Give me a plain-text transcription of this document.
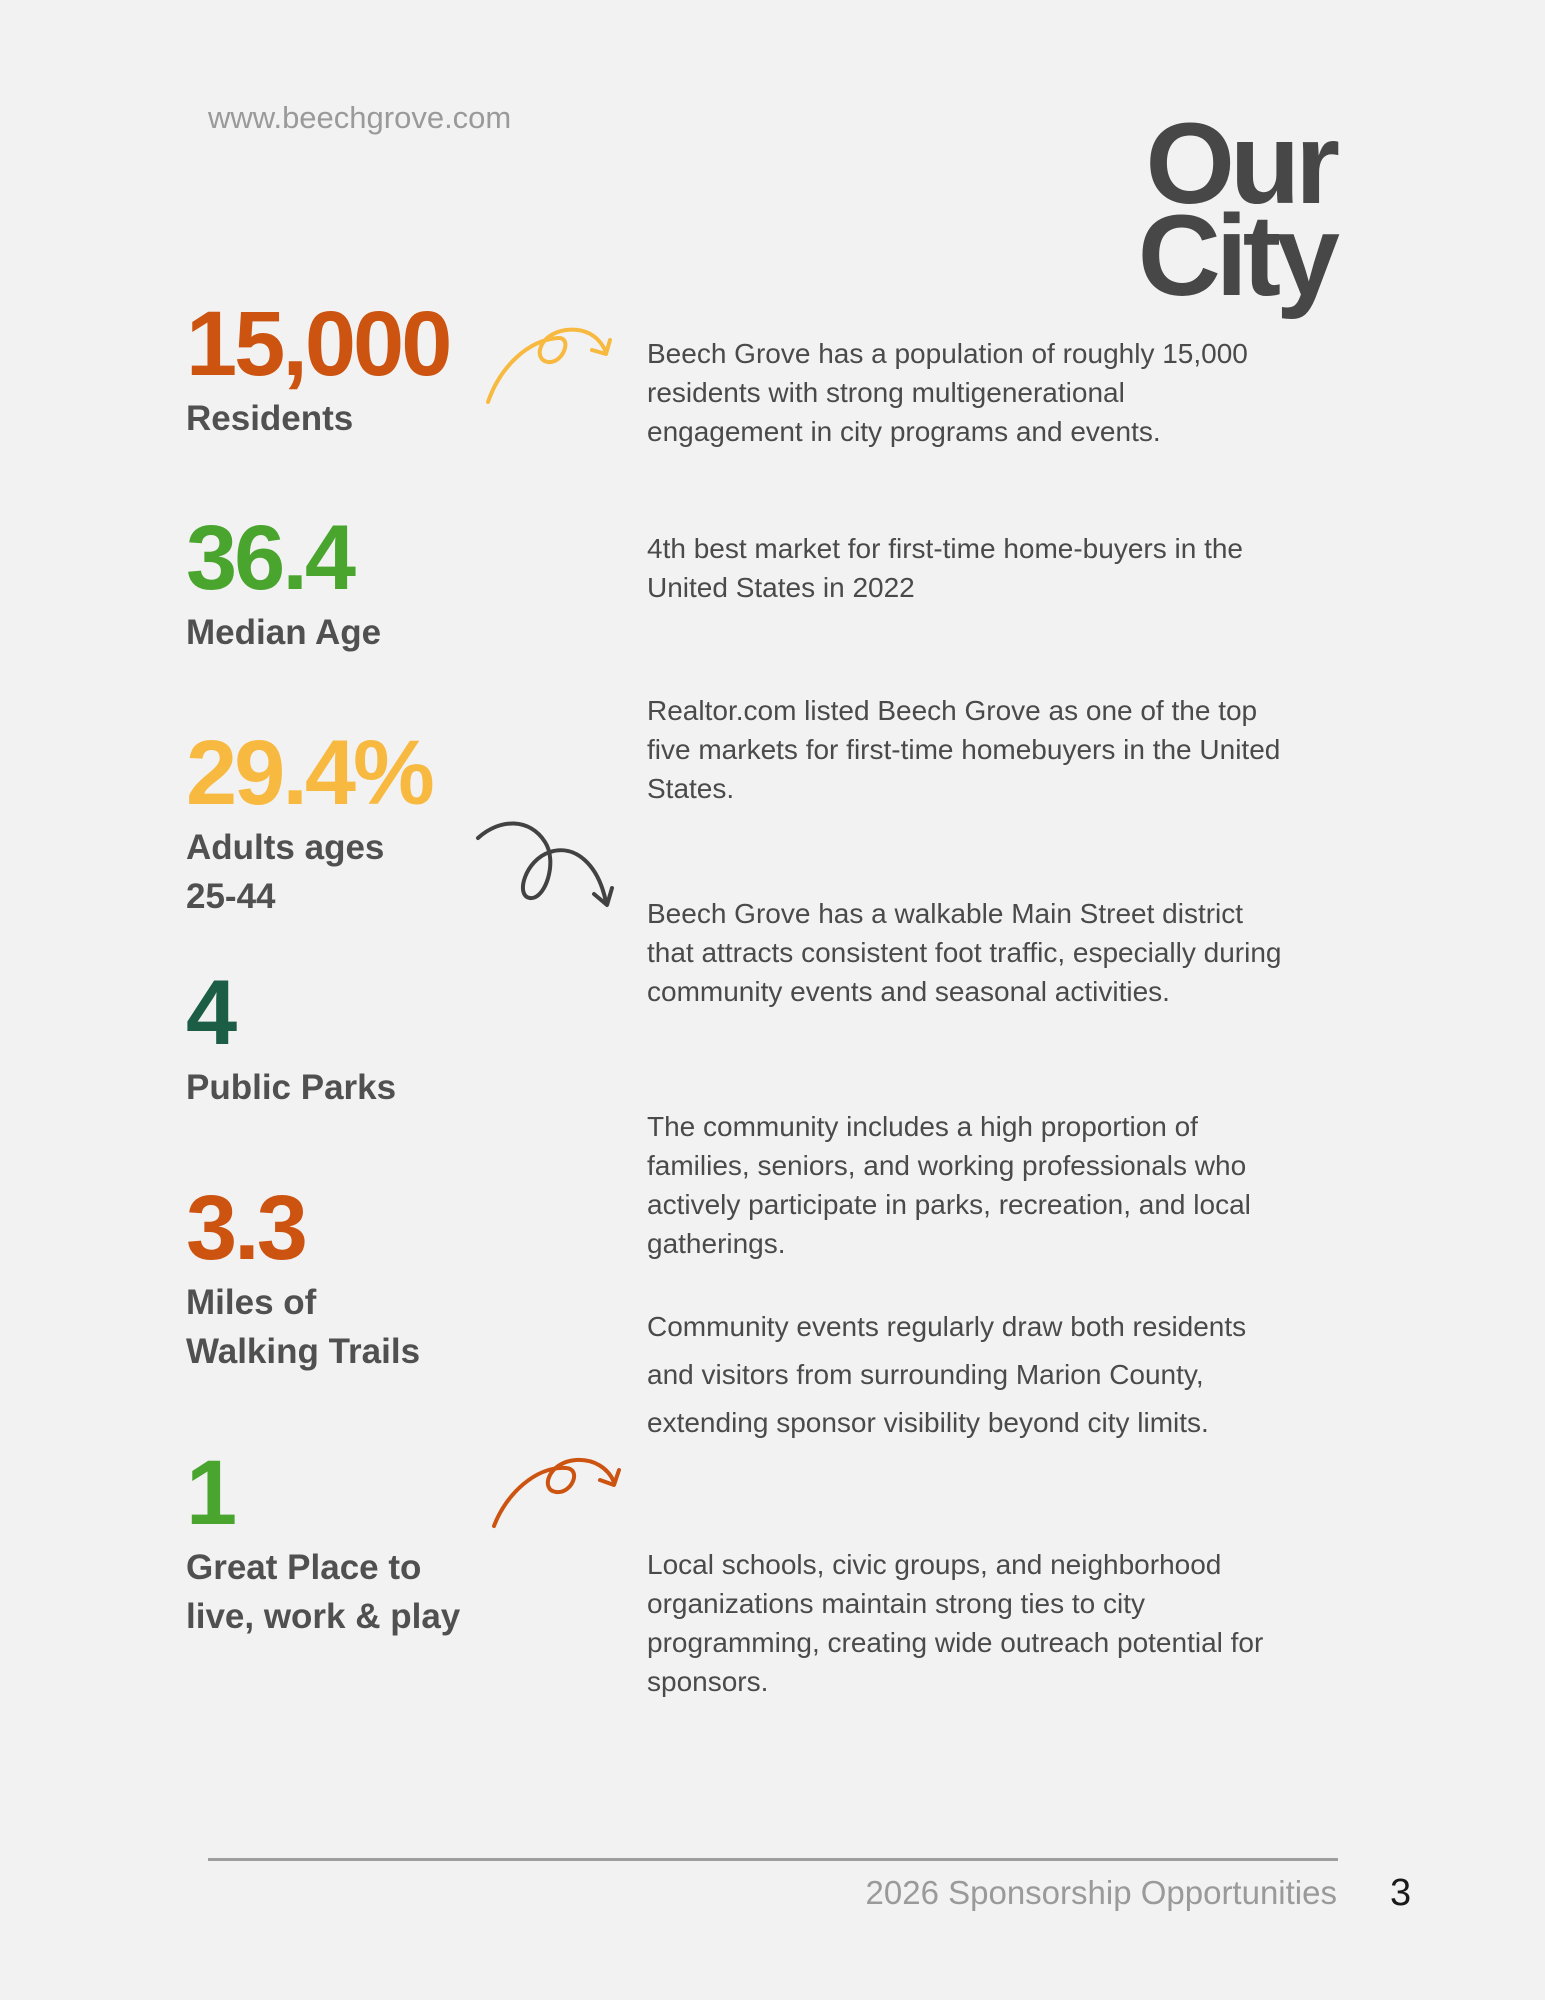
www.beechgrove.com	Our
City
15,000
Residents
36.4
Median Age
29.4%
Adults ages
25-44
4
Public Parks
3.3
Miles of
Walking Trails
1
Great Place to
live, work & play
Beech Grove has a population of roughly 15,000 residents with strong multigenerational engagement in city programs and events.
4th best market for first-time home-buyers in the United States in 2022
Realtor.com listed Beech Grove as one of the top five markets for first-time homebuyers in the United States.
Beech Grove has a walkable Main Street district that attracts consistent foot traffic, especially during community events and seasonal activities.
The community includes a high proportion of families, seniors, and working professionals who actively participate in parks, recreation, and local gatherings.
Community events regularly draw both residents and visitors from surrounding Marion County, extending sponsor visibility beyond city limits.
Local schools, civic groups, and neighborhood organizations maintain strong ties to city programming, creating wide outreach potential for sponsors.
2026 Sponsorship Opportunities 3
